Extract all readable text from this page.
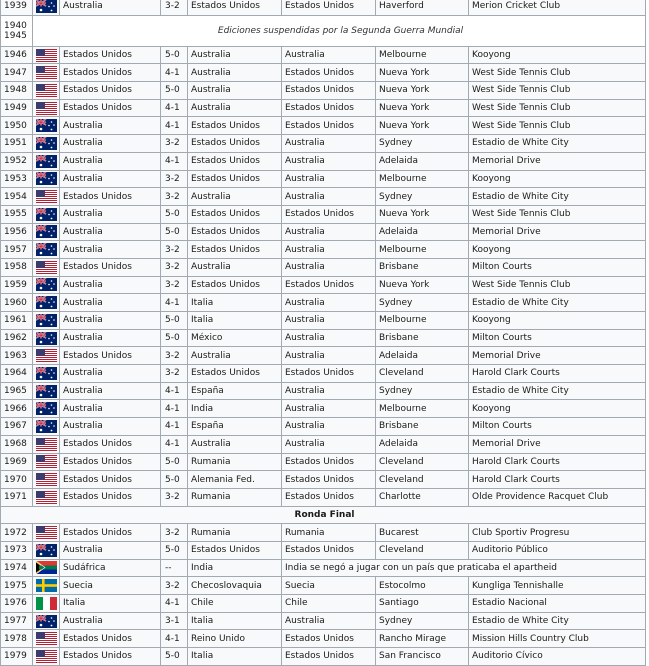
1939		Australia	3-2	Estados Unidos	Estados Unidos	Haverford	Merion Cricket Club
1940
1945	Ediciones suspendidas por la Segunda Guerra Mundial						
1946		Estados Unidos	5-0	Australia	Australia	Melbourne	Kooyong
1947		Estados Unidos	4-1	Australia	Estados Unidos	Nueva York	West Side Tennis Club
1948		Estados Unidos	5-0	Australia	Estados Unidos	Nueva York	West Side Tennis Club
1949		Estados Unidos	4-1	Australia	Estados Unidos	Nueva York	West Side Tennis Club
1950		Australia	4-1	Estados Unidos	Estados Unidos	Nueva York	West Side Tennis Club
1951		Australia	3-2	Estados Unidos	Australia	Sydney	Estadio de White City
1952		Australia	4-1	Estados Unidos	Australia	Adelaida	Memorial Drive
1953		Australia	3-2	Estados Unidos	Australia	Melbourne	Kooyong
1954		Estados Unidos	3-2	Australia	Australia	Sydney	Estadio de White City
1955		Australia	5-0	Estados Unidos	Estados Unidos	Nueva York	West Side Tennis Club
1956		Australia	5-0	Estados Unidos	Australia	Adelaida	Memorial Drive
1957		Australia	3-2	Estados Unidos	Australia	Melbourne	Kooyong
1958		Estados Unidos	3-2	Australia	Australia	Brisbane	Milton Courts
1959		Australia	3-2	Estados Unidos	Estados Unidos	Nueva York	West Side Tennis Club
1960		Australia	4-1	Italia	Australia	Sydney	Estadio de White City
1961		Australia	5-0	Italia	Australia	Melbourne	Kooyong
1962		Australia	5-0	México	Australia	Brisbane	Milton Courts
1963		Estados Unidos	3-2	Australia	Australia	Adelaida	Memorial Drive
1964		Australia	3-2	Estados Unidos	Estados Unidos	Cleveland	Harold Clark Courts
1965		Australia	4-1	España	Australia	Sydney	Estadio de White City
1966		Australia	4-1	India	Australia	Melbourne	Kooyong
1967		Australia	4-1	España	Australia	Brisbane	Milton Courts
1968		Estados Unidos	4-1	Australia	Australia	Adelaida	Memorial Drive
1969		Estados Unidos	5-0	Rumania	Estados Unidos	Cleveland	Harold Clark Courts
1970		Estados Unidos	5-0	Alemania Fed.	Estados Unidos	Cleveland	Harold Clark Courts
1971		Estados Unidos	3-2	Rumania	Estados Unidos	Charlotte	Olde Providence Racquet Club
Ronda Final							
1972		Estados Unidos	3-2	Rumania	Rumania	Bucarest	Club Sportiv Progresu
1973		Australia	5-0	Estados Unidos	Estados Unidos	Cleveland	Auditorio Público
1974		Sudáfrica	--	India	India se negó a jugar con un país que praticaba el apartheid		
1975		Suecia	3-2	Checoslovaquia	Suecia	Estocolmo	Kungliga Tennishalle
1976		Italia	4-1	Chile	Chile	Santiago	Estadio Nacional
1977		Australia	3-1	Italia	Australia	Sydney	Estadio de White City
1978		Estados Unidos	4-1	Reino Unido	Estados Unidos	Rancho Mirage	Mission Hills Country Club
1979		Estados Unidos	5-0	Italia	Estados Unidos	San Francisco	Auditorio Cívico
